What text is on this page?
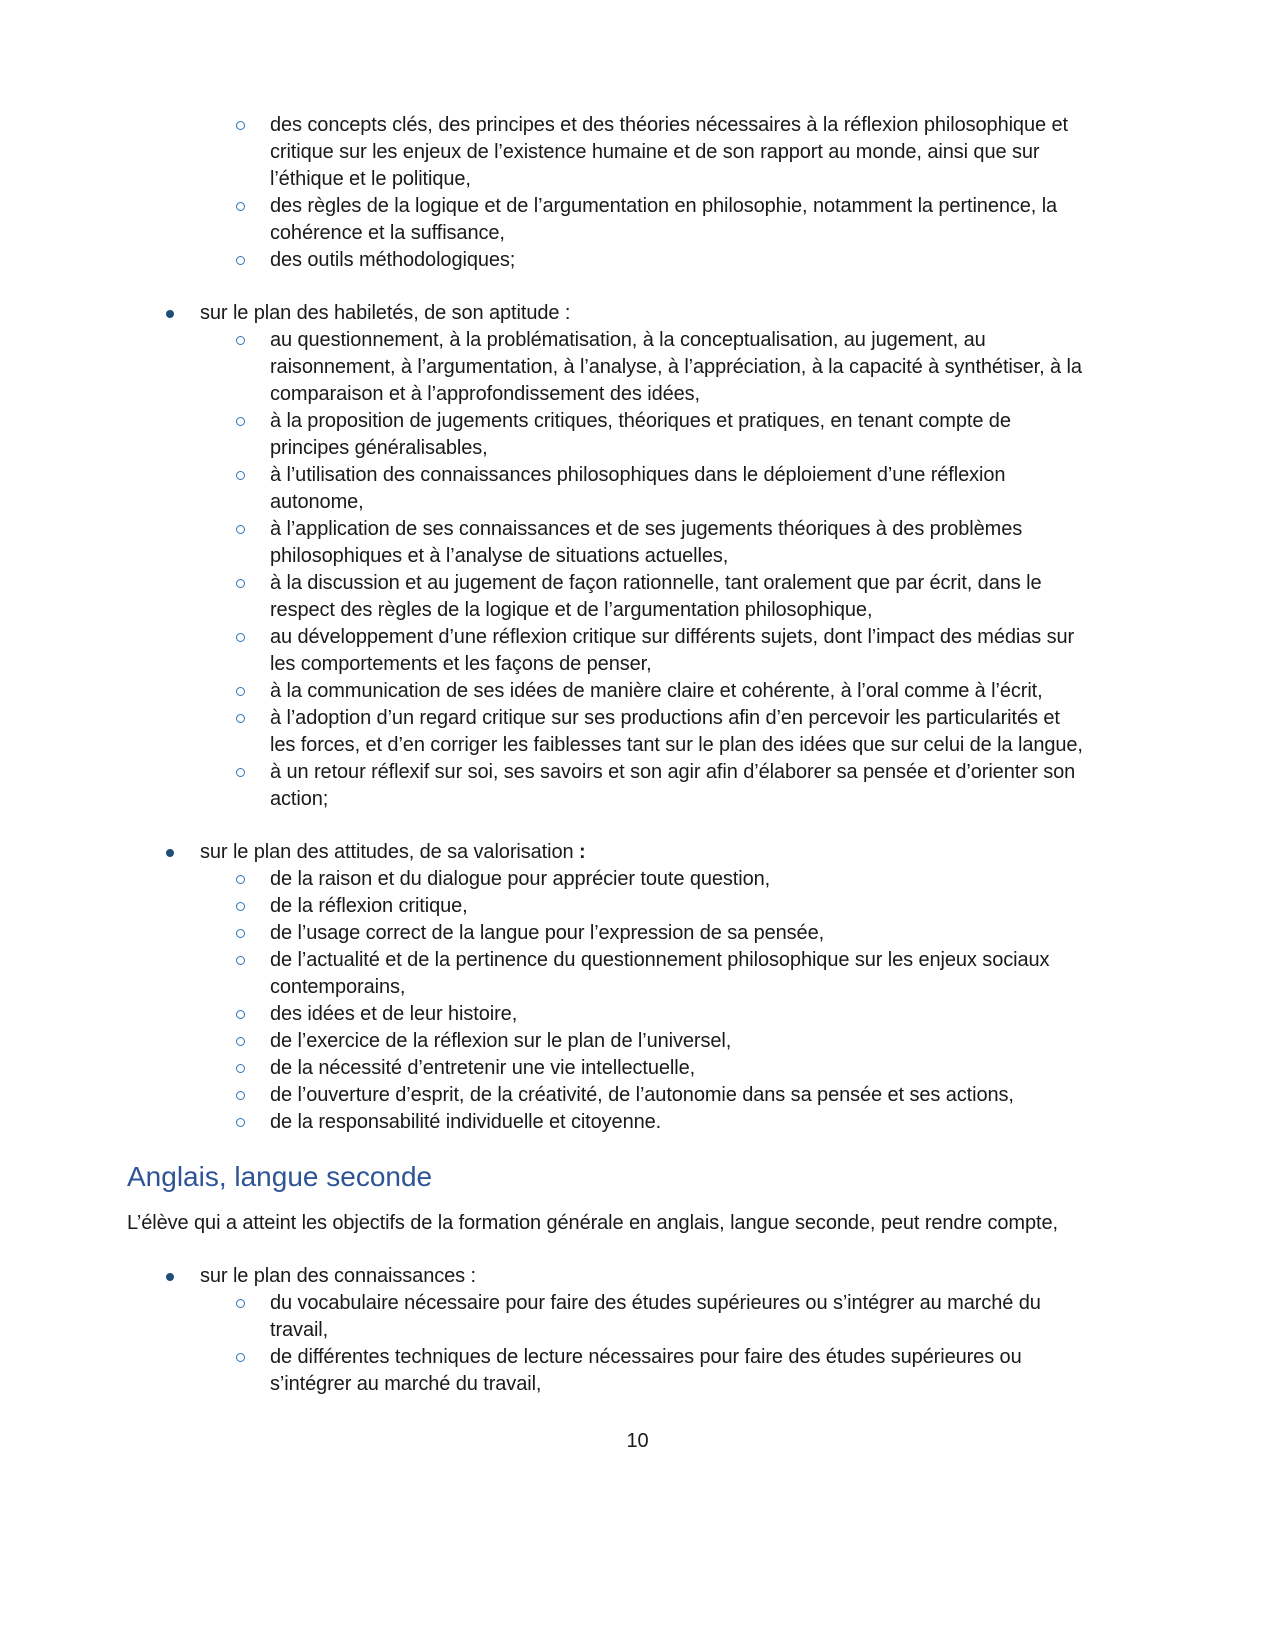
des concepts clés, des principes et des théories nécessaires à la réflexion philosophique et critique sur les enjeux de l’existence humaine et de son rapport au monde, ainsi que sur l’éthique et le politique,
des règles de la logique et de l’argumentation en philosophie, notamment la pertinence, la cohérence et la suffisance,
des outils méthodologiques;
sur le plan des habiletés, de son aptitude :
au questionnement, à la problématisation, à la conceptualisation, au jugement, au raisonnement, à l’argumentation, à l’analyse, à l’appréciation, à la capacité à synthétiser, à la comparaison et à l’approfondissement des idées,
à la proposition de jugements critiques, théoriques et pratiques, en tenant compte de principes généralisables,
à l’utilisation des connaissances philosophiques dans le déploiement d’une réflexion autonome,
à l’application de ses connaissances et de ses jugements théoriques à des problèmes philosophiques et à l’analyse de situations actuelles,
à la discussion et au jugement de façon rationnelle, tant oralement que par écrit, dans le respect des règles de la logique et de l’argumentation philosophique,
au développement d’une réflexion critique sur différents sujets, dont l’impact des médias sur les comportements et les façons de penser,
à la communication de ses idées de manière claire et cohérente, à l’oral comme à l’écrit,
à l’adoption d’un regard critique sur ses productions afin d’en percevoir les particularités et les forces, et d’en corriger les faiblesses tant sur le plan des idées que sur celui de la langue,
à un retour réflexif sur soi, ses savoirs et son agir afin d’élaborer sa pensée et d’orienter son action;
sur le plan des attitudes, de sa valorisation :
de la raison et du dialogue pour apprécier toute question,
de la réflexion critique,
de l’usage correct de la langue pour l’expression de sa pensée,
de l’actualité et de la pertinence du questionnement philosophique sur les enjeux sociaux contemporains,
des idées et de leur histoire,
de l’exercice de la réflexion sur le plan de l’universel,
de la nécessité d’entretenir une vie intellectuelle,
de l’ouverture d’esprit, de la créativité, de l’autonomie dans sa pensée et ses actions,
de la responsabilité individuelle et citoyenne.
Anglais, langue seconde

L’élève qui a atteint les objectifs de la formation générale en anglais, langue seconde, peut rendre compte,

sur le plan des connaissances :
du vocabulaire nécessaire pour faire des études supérieures ou s’intégrer au marché du travail,
de différentes techniques de lecture nécessaires pour faire des études supérieures ou s’intégrer au marché du travail,
10
